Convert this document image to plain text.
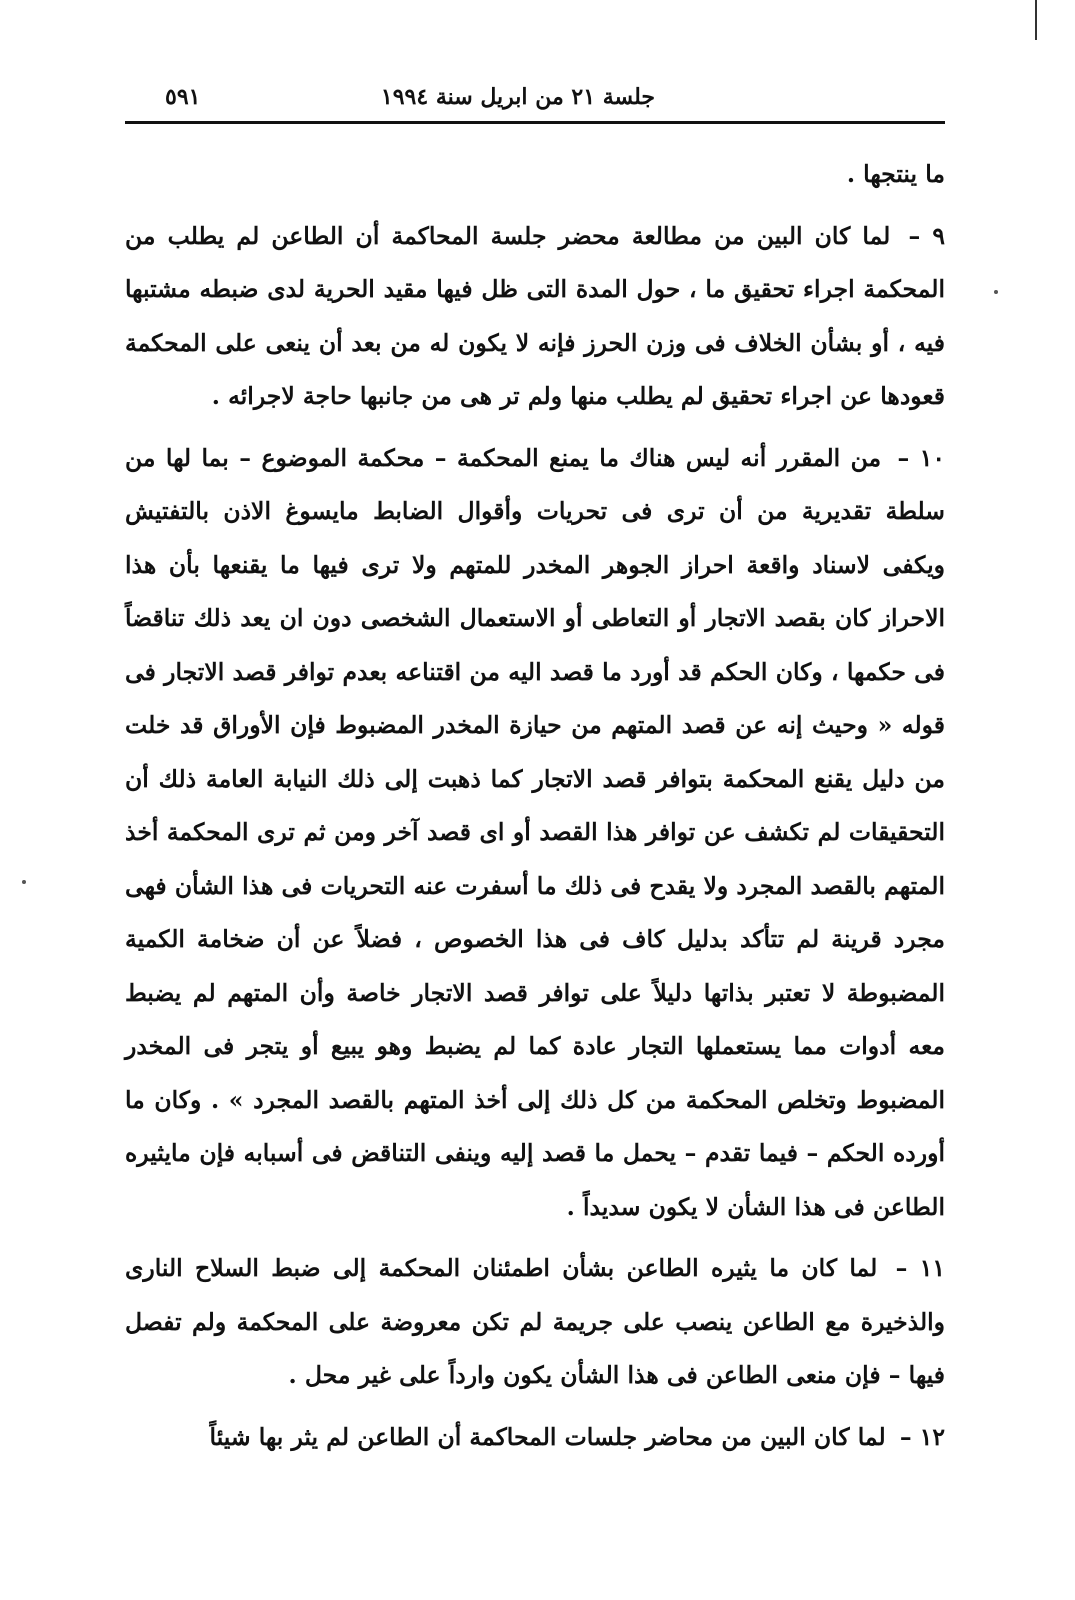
جلسة ٢١ من ابريل سنة ١٩٩٤
٥٩١

ما ينتجها .

٩ – لما كان البين من مطالعة محضر جلسة المحاكمة أن الطاعن لم يطلب من المحكمة اجراء تحقيق ما ، حول المدة التى ظل فيها مقيد الحرية لدى ضبطه مشتبها فيه ، أو بشأن الخلاف فى وزن الحرز فإنه لا يكون له من بعد أن ينعى على المحكمة قعودها عن اجراء تحقيق لم يطلب منها ولم تر هى من جانبها حاجة لاجرائه .

١٠ – من المقرر أنه ليس هناك ما يمنع المحكمة – محكمة الموضوع – بما لها من سلطة تقديرية من أن ترى فى تحريات وأقوال الضابط مايسوغ الاذن بالتفتيش ويكفى لاسناد واقعة احراز الجوهر المخدر للمتهم ولا ترى فيها ما يقنعها بأن هذا الاحراز كان بقصد الاتجار أو التعاطى أو الاستعمال الشخصى دون ان يعد ذلك تناقضاً فى حكمها ، وكان الحكم قد أورد ما قصد اليه من اقتناعه بعدم توافر قصد الاتجار فى قوله « وحيث إنه عن قصد المتهم من حيازة المخدر المضبوط فإن الأوراق قد خلت من دليل يقنع المحكمة بتوافر قصد الاتجار كما ذهبت إلى ذلك النيابة العامة ذلك أن التحقيقات لم تكشف عن توافر هذا القصد أو اى قصد آخر ومن ثم ترى المحكمة أخذ المتهم بالقصد المجرد ولا يقدح فى ذلك ما أسفرت عنه التحريات فى هذا الشأن فهى مجرد قرينة لم تتأكد بدليل كاف فى هذا الخصوص ، فضلاً عن أن ضخامة الكمية المضبوطة لا تعتبر بذاتها دليلاً على توافر قصد الاتجار خاصة وأن المتهم لم يضبط معه أدوات مما يستعملها التجار عادة كما لم يضبط وهو يبيع أو يتجر فى المخدر المضبوط وتخلص المحكمة من كل ذلك إلى أخذ المتهم بالقصد المجرد » . وكان ما أورده الحكم – فيما تقدم – يحمل ما قصد إليه وينفى التناقض فى أسبابه فإن مايثيره الطاعن فى هذا الشأن لا يكون سديداً .

١١ – لما كان ما يثيره الطاعن بشأن اطمئنان المحكمة إلى ضبط السلاح النارى والذخيرة مع الطاعن ينصب على جريمة لم تكن معروضة على المحكمة ولم تفصل فيها – فإن منعى الطاعن فى هذا الشأن يكون وارداً على غير محل .

١٢ – لما كان البين من محاضر جلسات المحاكمة أن الطاعن لم يثر بها شيئاً
